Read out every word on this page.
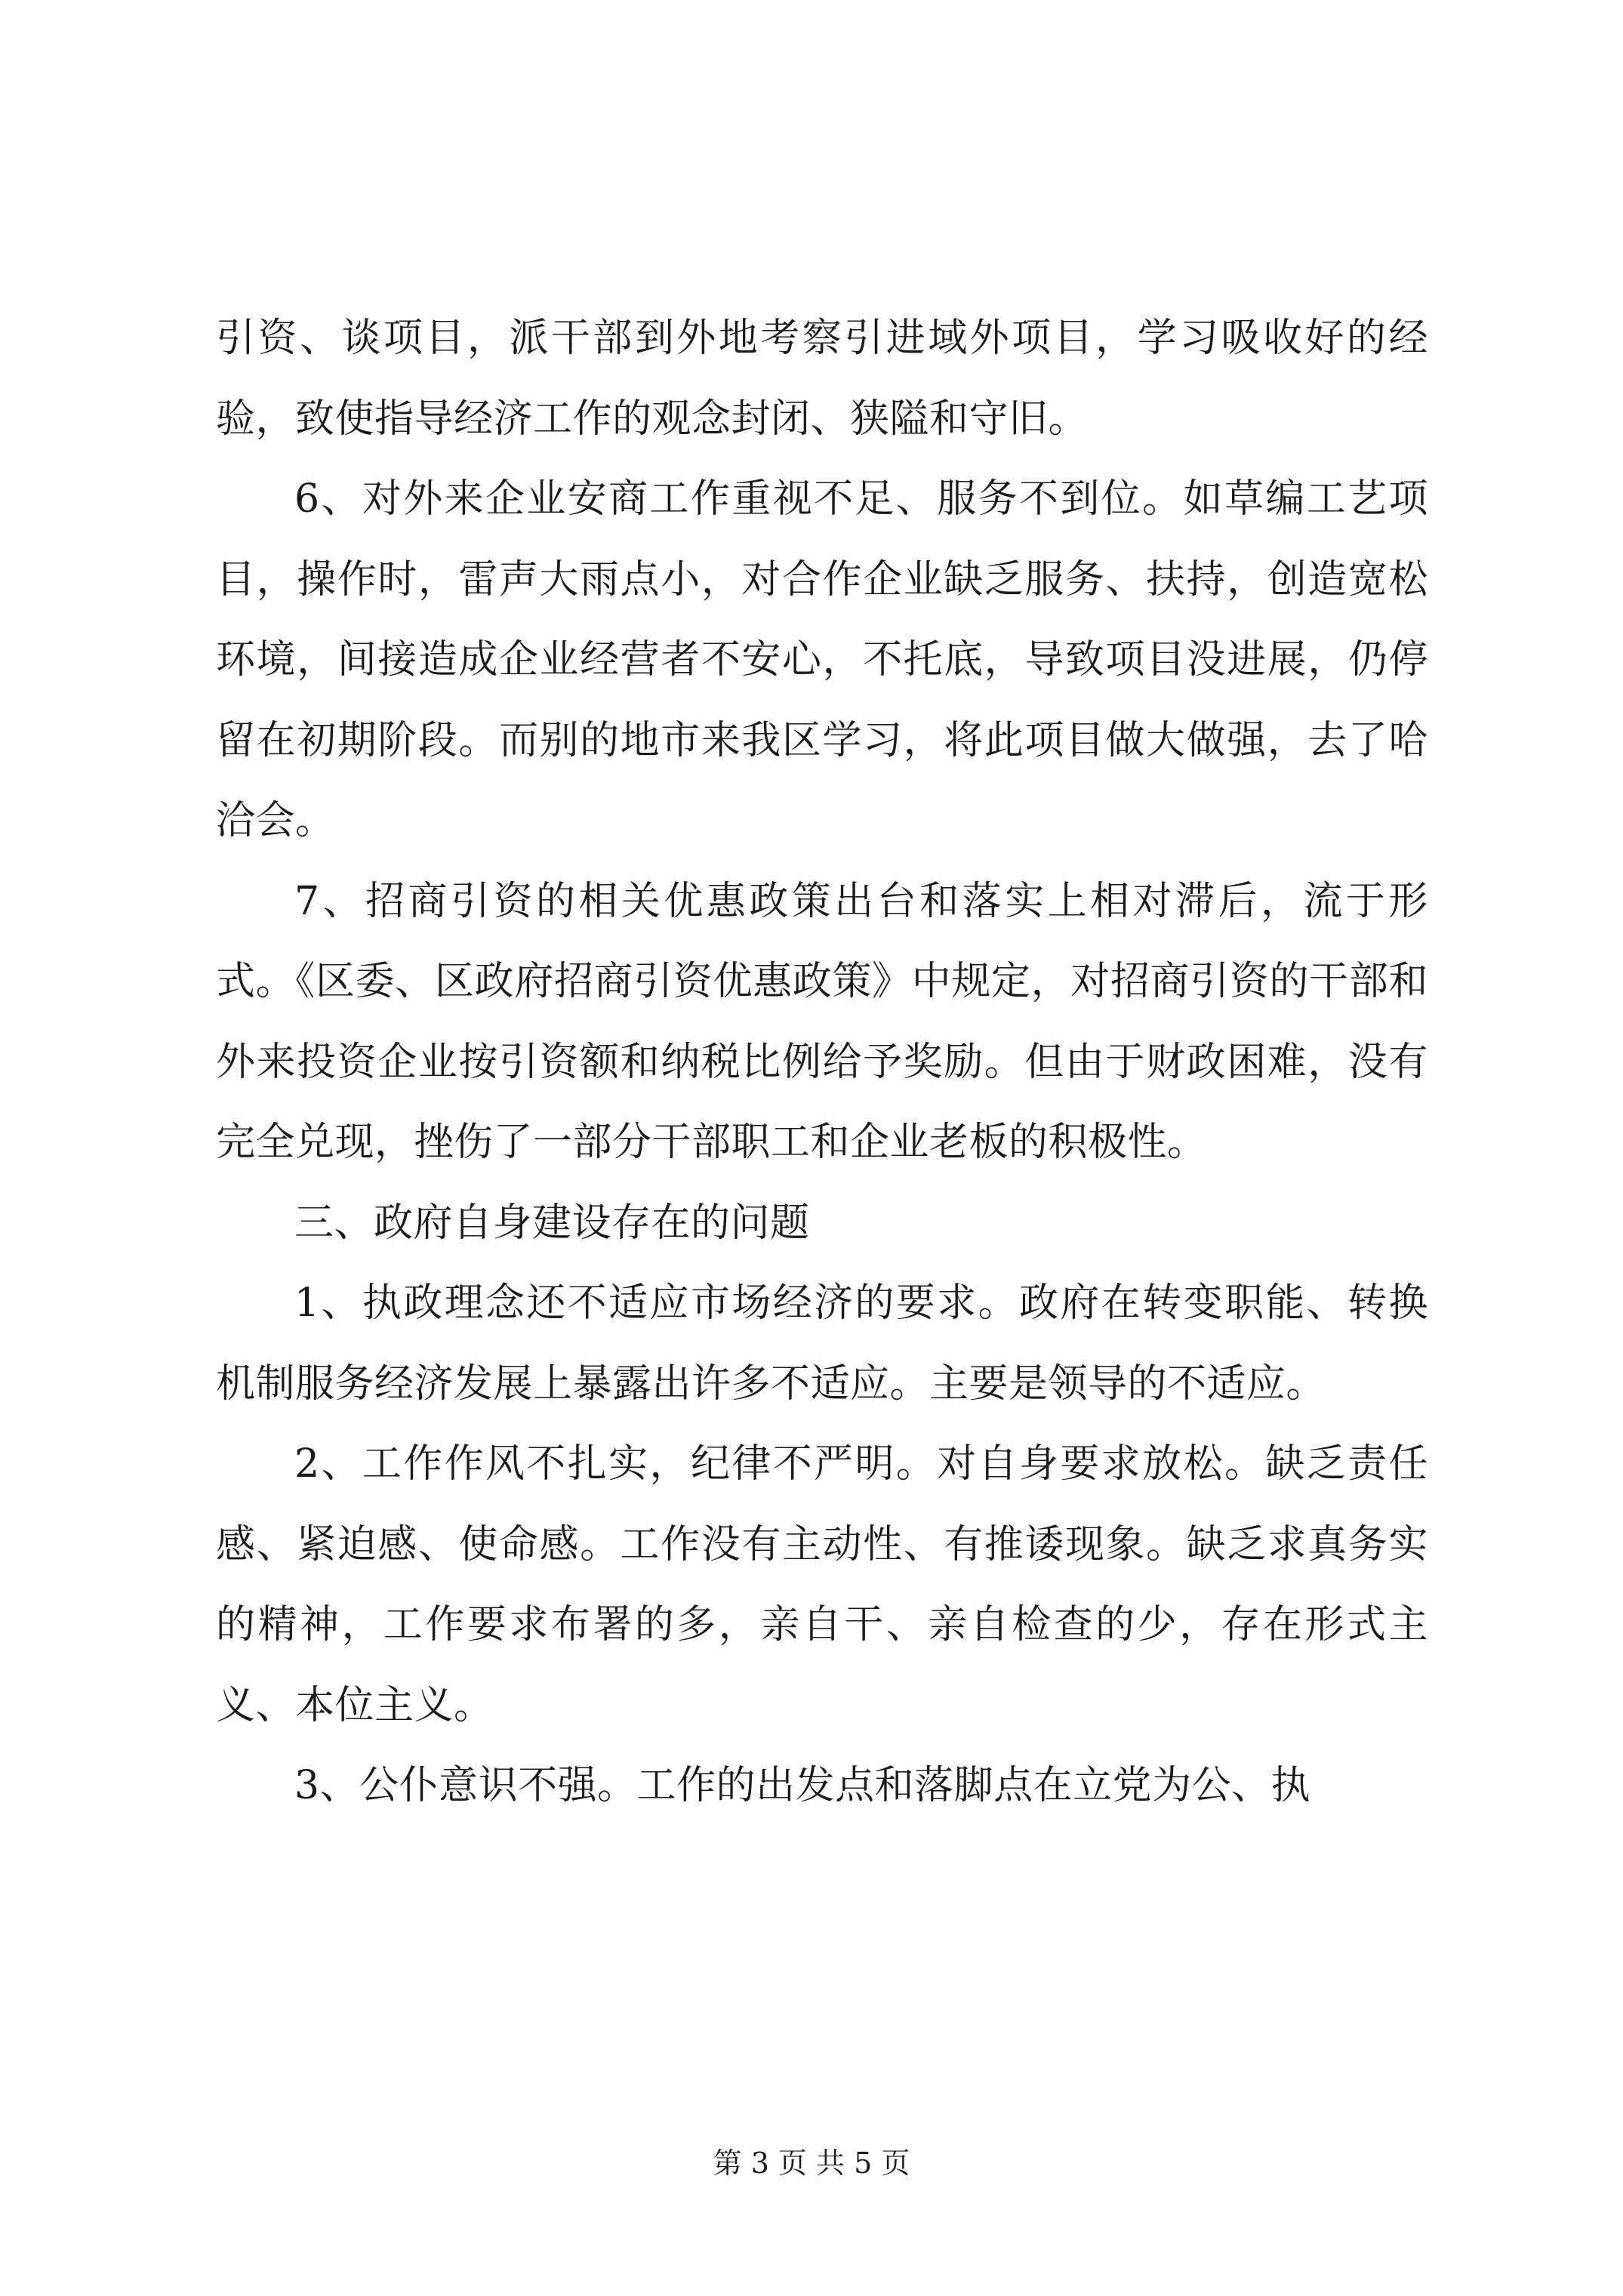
引资、谈项目，派干部到外地考察引进域外项目，学习吸收好的经验，致使指导经济工作的观念封闭、狭隘和守旧。

6、对外来企业安商工作重视不足、服务不到位。如草编工艺项目，操作时，雷声大雨点小，对合作企业缺乏服务、扶持，创造宽松环境，间接造成企业经营者不安心，不托底，导致项目没进展，仍停留在初期阶段。而别的地市来我区学习，将此项目做大做强，去了哈洽会。

7、招商引资的相关优惠政策出台和落实上相对滞后，流于形式。《区委、区政府招商引资优惠政策》中规定，对招商引资的干部和外来投资企业按引资额和纳税比例给予奖励。但由于财政困难，没有完全兑现，挫伤了一部分干部职工和企业老板的积极性。

三、政府自身建设存在的问题

1、执政理念还不适应市场经济的要求。政府在转变职能、转换机制服务经济发展上暴露出许多不适应。主要是领导的不适应。

2、工作作风不扎实，纪律不严明。对自身要求放松。缺乏责任感、紧迫感、使命感。工作没有主动性、有推诿现象。缺乏求真务实的精神，工作要求布署的多，亲自干、亲自检查的少，存在形式主义、本位主义。

3、公仆意识不强。工作的出发点和落脚点在立党为公、执

第 3 页 共 5 页
